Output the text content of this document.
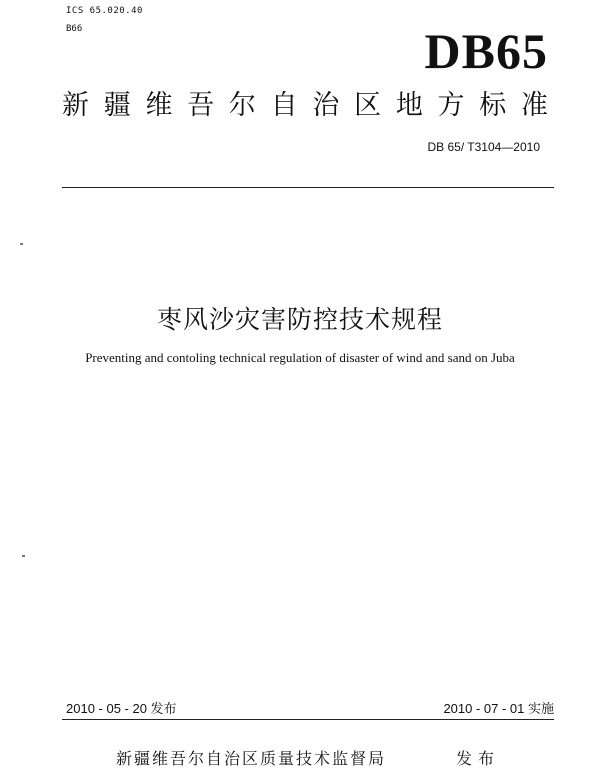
ICS 65.020.40
B66	DB65
新疆维吾尔自治区地方标准
DB 65/ T3104—2010
枣风沙灾害防控技术规程
Preventing and contoling technical regulation of disaster of wind and sand on Juba
2010 - 05 - 20 发布	2010 - 07 - 01 实施
新疆维吾尔自治区质量技术监督局	发布
